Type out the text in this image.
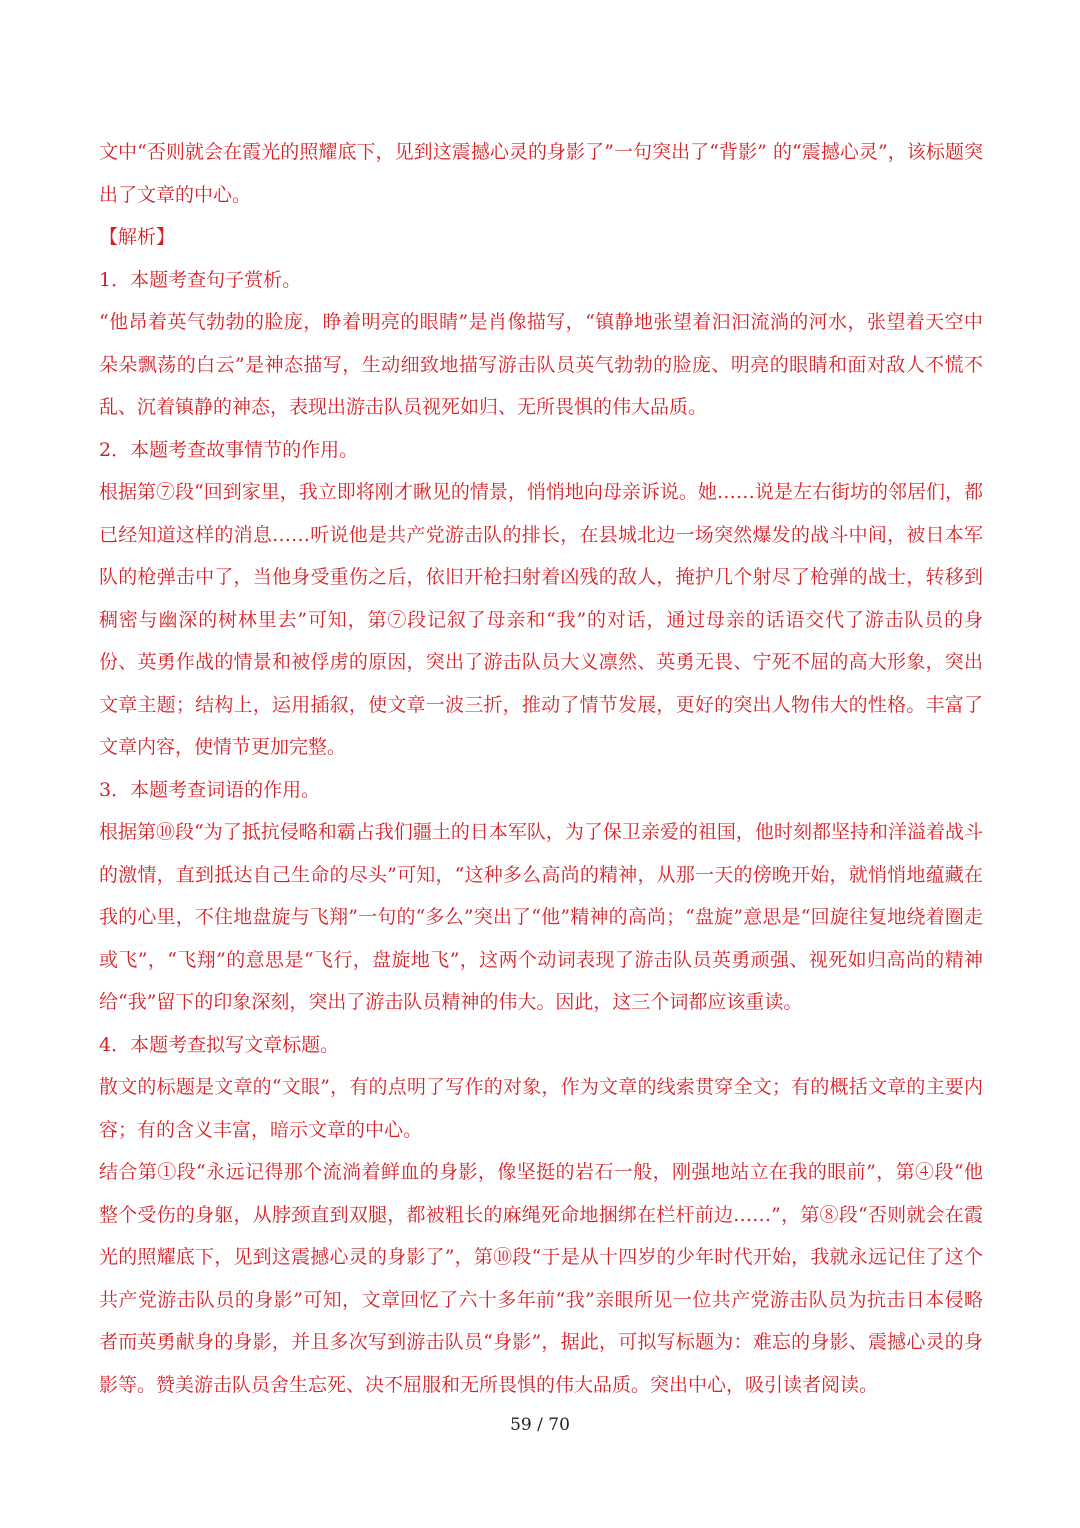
文中“否则就会在霞光的照耀底下，见到这震撼心灵的身影了”一句突出了“背影” 的“震撼心灵”，该标题突出了文章的中心。

【解析】

1．本题考查句子赏析。

“他昂着英气勃勃的脸庞，睁着明亮的眼睛”是肖像描写，“镇静地张望着汩汩流淌的河水，张望着天空中朵朵飘荡的白云”是神态描写，生动细致地描写游击队员英气勃勃的脸庞、明亮的眼睛和面对敌人不慌不乱、沉着镇静的神态，表现出游击队员视死如归、无所畏惧的伟大品质。

2．本题考查故事情节的作用。

根据第⑦段“回到家里，我立即将刚才瞅见的情景，悄悄地向母亲诉说。她……说是左右街坊的邻居们，都已经知道这样的消息……听说他是共产党游击队的排长，在县城北边一场突然爆发的战斗中间，被日本军队的枪弹击中了，当他身受重伤之后，依旧开枪扫射着凶残的敌人，掩护几个射尽了枪弹的战士，转移到稠密与幽深的树林里去”可知，第⑦段记叙了母亲和“我”的对话，通过母亲的话语交代了游击队员的身份、英勇作战的情景和被俘虏的原因，突出了游击队员大义凛然、英勇无畏、宁死不屈的高大形象，突出文章主题；结构上，运用插叙，使文章一波三折，推动了情节发展，更好的突出人物伟大的性格。丰富了文章内容，使情节更加完整。

3．本题考查词语的作用。

根据第⑩段“为了抵抗侵略和霸占我们疆土的日本军队，为了保卫亲爱的祖国，他时刻都坚持和洋溢着战斗的激情，直到抵达自己生命的尽头”可知，“这种多么高尚的精神，从那一天的傍晚开始，就悄悄地蕴藏在我的心里，不住地盘旋与飞翔”一句的“多么”突出了“他”精神的高尚；“盘旋”意思是“回旋往复地绕着圈走或飞”，“飞翔”的意思是“飞行，盘旋地飞”，这两个动词表现了游击队员英勇顽强、视死如归高尚的精神给“我”留下的印象深刻，突出了游击队员精神的伟大。因此，这三个词都应该重读。

4．本题考查拟写文章标题。

散文的标题是文章的“文眼”，有的点明了写作的对象，作为文章的线索贯穿全文；有的概括文章的主要内容；有的含义丰富，暗示文章的中心。

结合第①段“永远记得那个流淌着鲜血的身影，像坚挺的岩石一般，刚强地站立在我的眼前”，第④段“他整个受伤的身躯，从脖颈直到双腿，都被粗长的麻绳死命地捆绑在栏杆前边……”，第⑧段“否则就会在霞光的照耀底下，见到这震撼心灵的身影了”，第⑩段“于是从十四岁的少年时代开始，我就永远记住了这个共产党游击队员的身影”可知，文章回忆了六十多年前“我”亲眼所见一位共产党游击队员为抗击日本侵略者而英勇献身的身影，并且多次写到游击队员“身影”，据此，可拟写标题为：难忘的身影、震撼心灵的身影等。赞美游击队员舍生忘死、决不屈服和无所畏惧的伟大品质。突出中心，吸引读者阅读。

59 / 70
